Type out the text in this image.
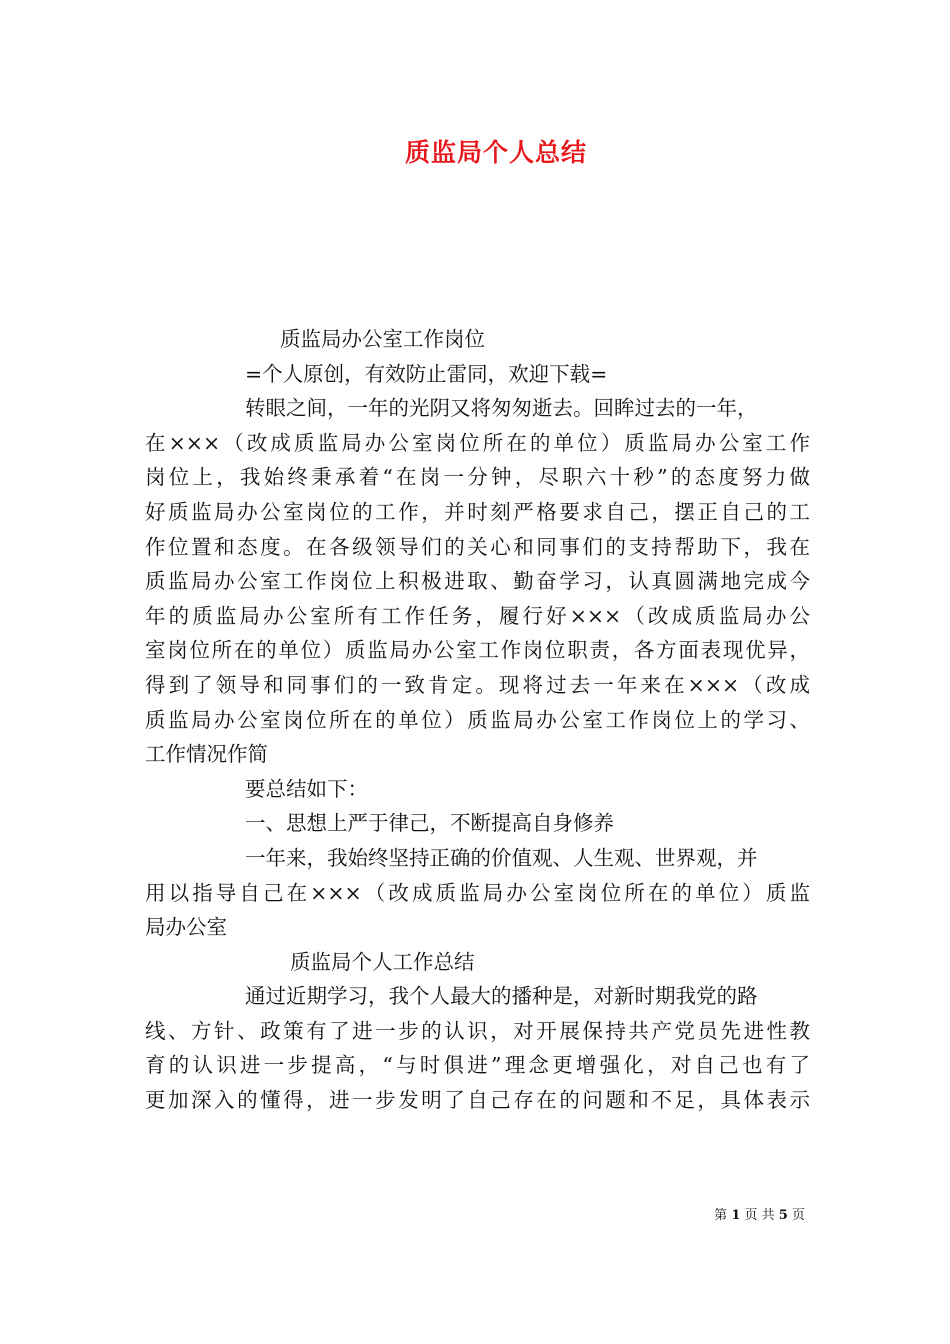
质监局个人总结
质监局办公室工作岗位
=个人原创，有效防止雷同，欢迎下载=
转眼之间，一年的光阴又将匆匆逝去。回眸过去的一年，
在×××（改成质监局办公室岗位所在的单位）质监局办公室工作
岗位上，我始终秉承着“在岗一分钟，尽职六十秒”的态度努力做
好质监局办公室岗位的工作，并时刻严格要求自己，摆正自己的工
作位置和态度。在各级领导们的关心和同事们的支持帮助下，我在
质监局办公室工作岗位上积极进取、勤奋学习，认真圆满地完成今
年的质监局办公室所有工作任务，履行好×××（改成质监局办公
室岗位所在的单位）质监局办公室工作岗位职责，各方面表现优异，
得到了领导和同事们的一致肯定。现将过去一年来在×××（改成
质监局办公室岗位所在的单位）质监局办公室工作岗位上的学习、
工作情况作简
要总结如下：
一、思想上严于律己，不断提高自身修养
一年来，我始终坚持正确的价值观、人生观、世界观，并
用以指导自己在×××（改成质监局办公室岗位所在的单位）质监
局办公室
质监局个人工作总结
通过近期学习，我个人最大的播种是，对新时期我党的路
线、方针、政策有了进一步的认识，对开展保持共产党员先进性教
育的认识进一步提高，“与时俱进”理念更增强化，对自己也有了
更加深入的懂得，进一步发明了自己存在的问题和不足，具体表示
第 1 页 共 5 页
